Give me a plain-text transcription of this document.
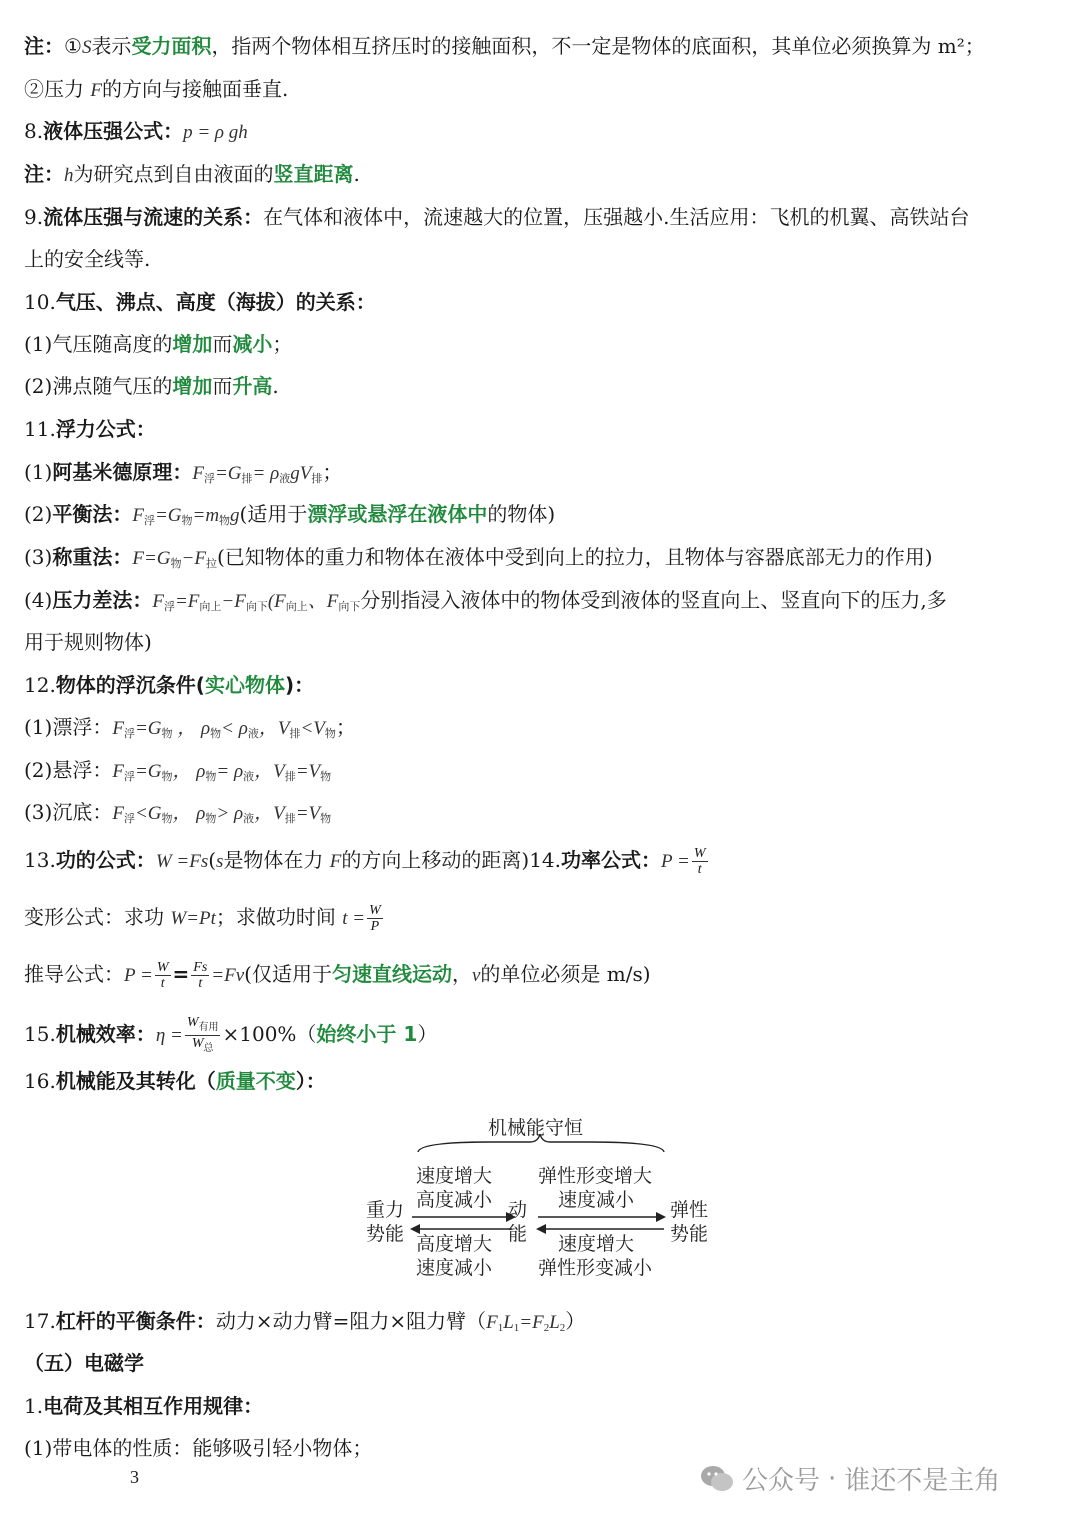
注：①S表示受力面积，指两个物体相互挤压时的接触面积，不一定是物体的底面积，其单位必须换算为 m²；
②压力 F的方向与接触面垂直.
8.液体压强公式：p = ρ gh
注：h为研究点到自由液面的竖直距离.
9.流体压强与流速的关系：在气体和液体中，流速越大的位置，压强越小.生活应用：飞机的机翼、高铁站台
上的安全线等.
10.气压、沸点、高度（海拔）的关系：
(1)气压随高度的增加而减小；
(2)沸点随气压的增加而升高.
11.浮力公式：
(1)阿基米德原理：$F_浮=G_排= \rho_液gV_排$；
(2)平衡法：$F_浮=G_物=m_物g$(适用于漂浮或悬浮在液体中的物体)
(3)称重法：$F=G_物-F_拉$(已知物体的重力和物体在液体中受到向上的拉力，且物体与容器底部无力的作用)
(4)压力差法：$F_浮=F_{向上}-F_{向下}(F_{向上}$、$F_{向下}$分别指浸入液体中的物体受到液体的竖直向上、竖直向下的压力,多
用于规则物体)
12.物体的浮沉条件(实心物体)：
(1)漂浮：$F_浮=G_物$ ， $\rho_物< \rho_液$，$V_排<V_物$；
(2)悬浮：$F_浮=G_物$， $\rho_物= \rho_液$，$V_排=V_物$
(3)沉底：$F_浮<G_物$， $\rho_物> \rho_液$，$V_排=V_物$
13.功的公式：W =Fs(s是物体在力 F的方向上移动的距离)14.功率公式：$P = \frac{W}{t}$
变形公式：求功 W=Pt；求做功时间 $t = \frac{W}{P}$
推导公式：$P = \frac{W}{t} = \frac{Fs}{t} =Fv$(仅适用于匀速直线运动，v的单位必须是 m/s)
15.机械效率：$\eta = \frac{W_{有用}}{W_总} \times 100\%$（始终小于 1）
16.机械能及其转化（质量不变）：
机械能守恒
重力
势能
速度增大
高度减小
高度增大
速度减小
动
能
弹性形变增大
速度减小
速度增大
弹性形变减小
弹性
势能
17.杠杆的平衡条件：动力×动力臂=阻力×阻力臂$(F_1L_1=F_2L_2)$
（五）电磁学
1.电荷及其相互作用规律：
(1)带电体的性质：能够吸引轻小物体；
3	公众号 · 谁还不是主角
